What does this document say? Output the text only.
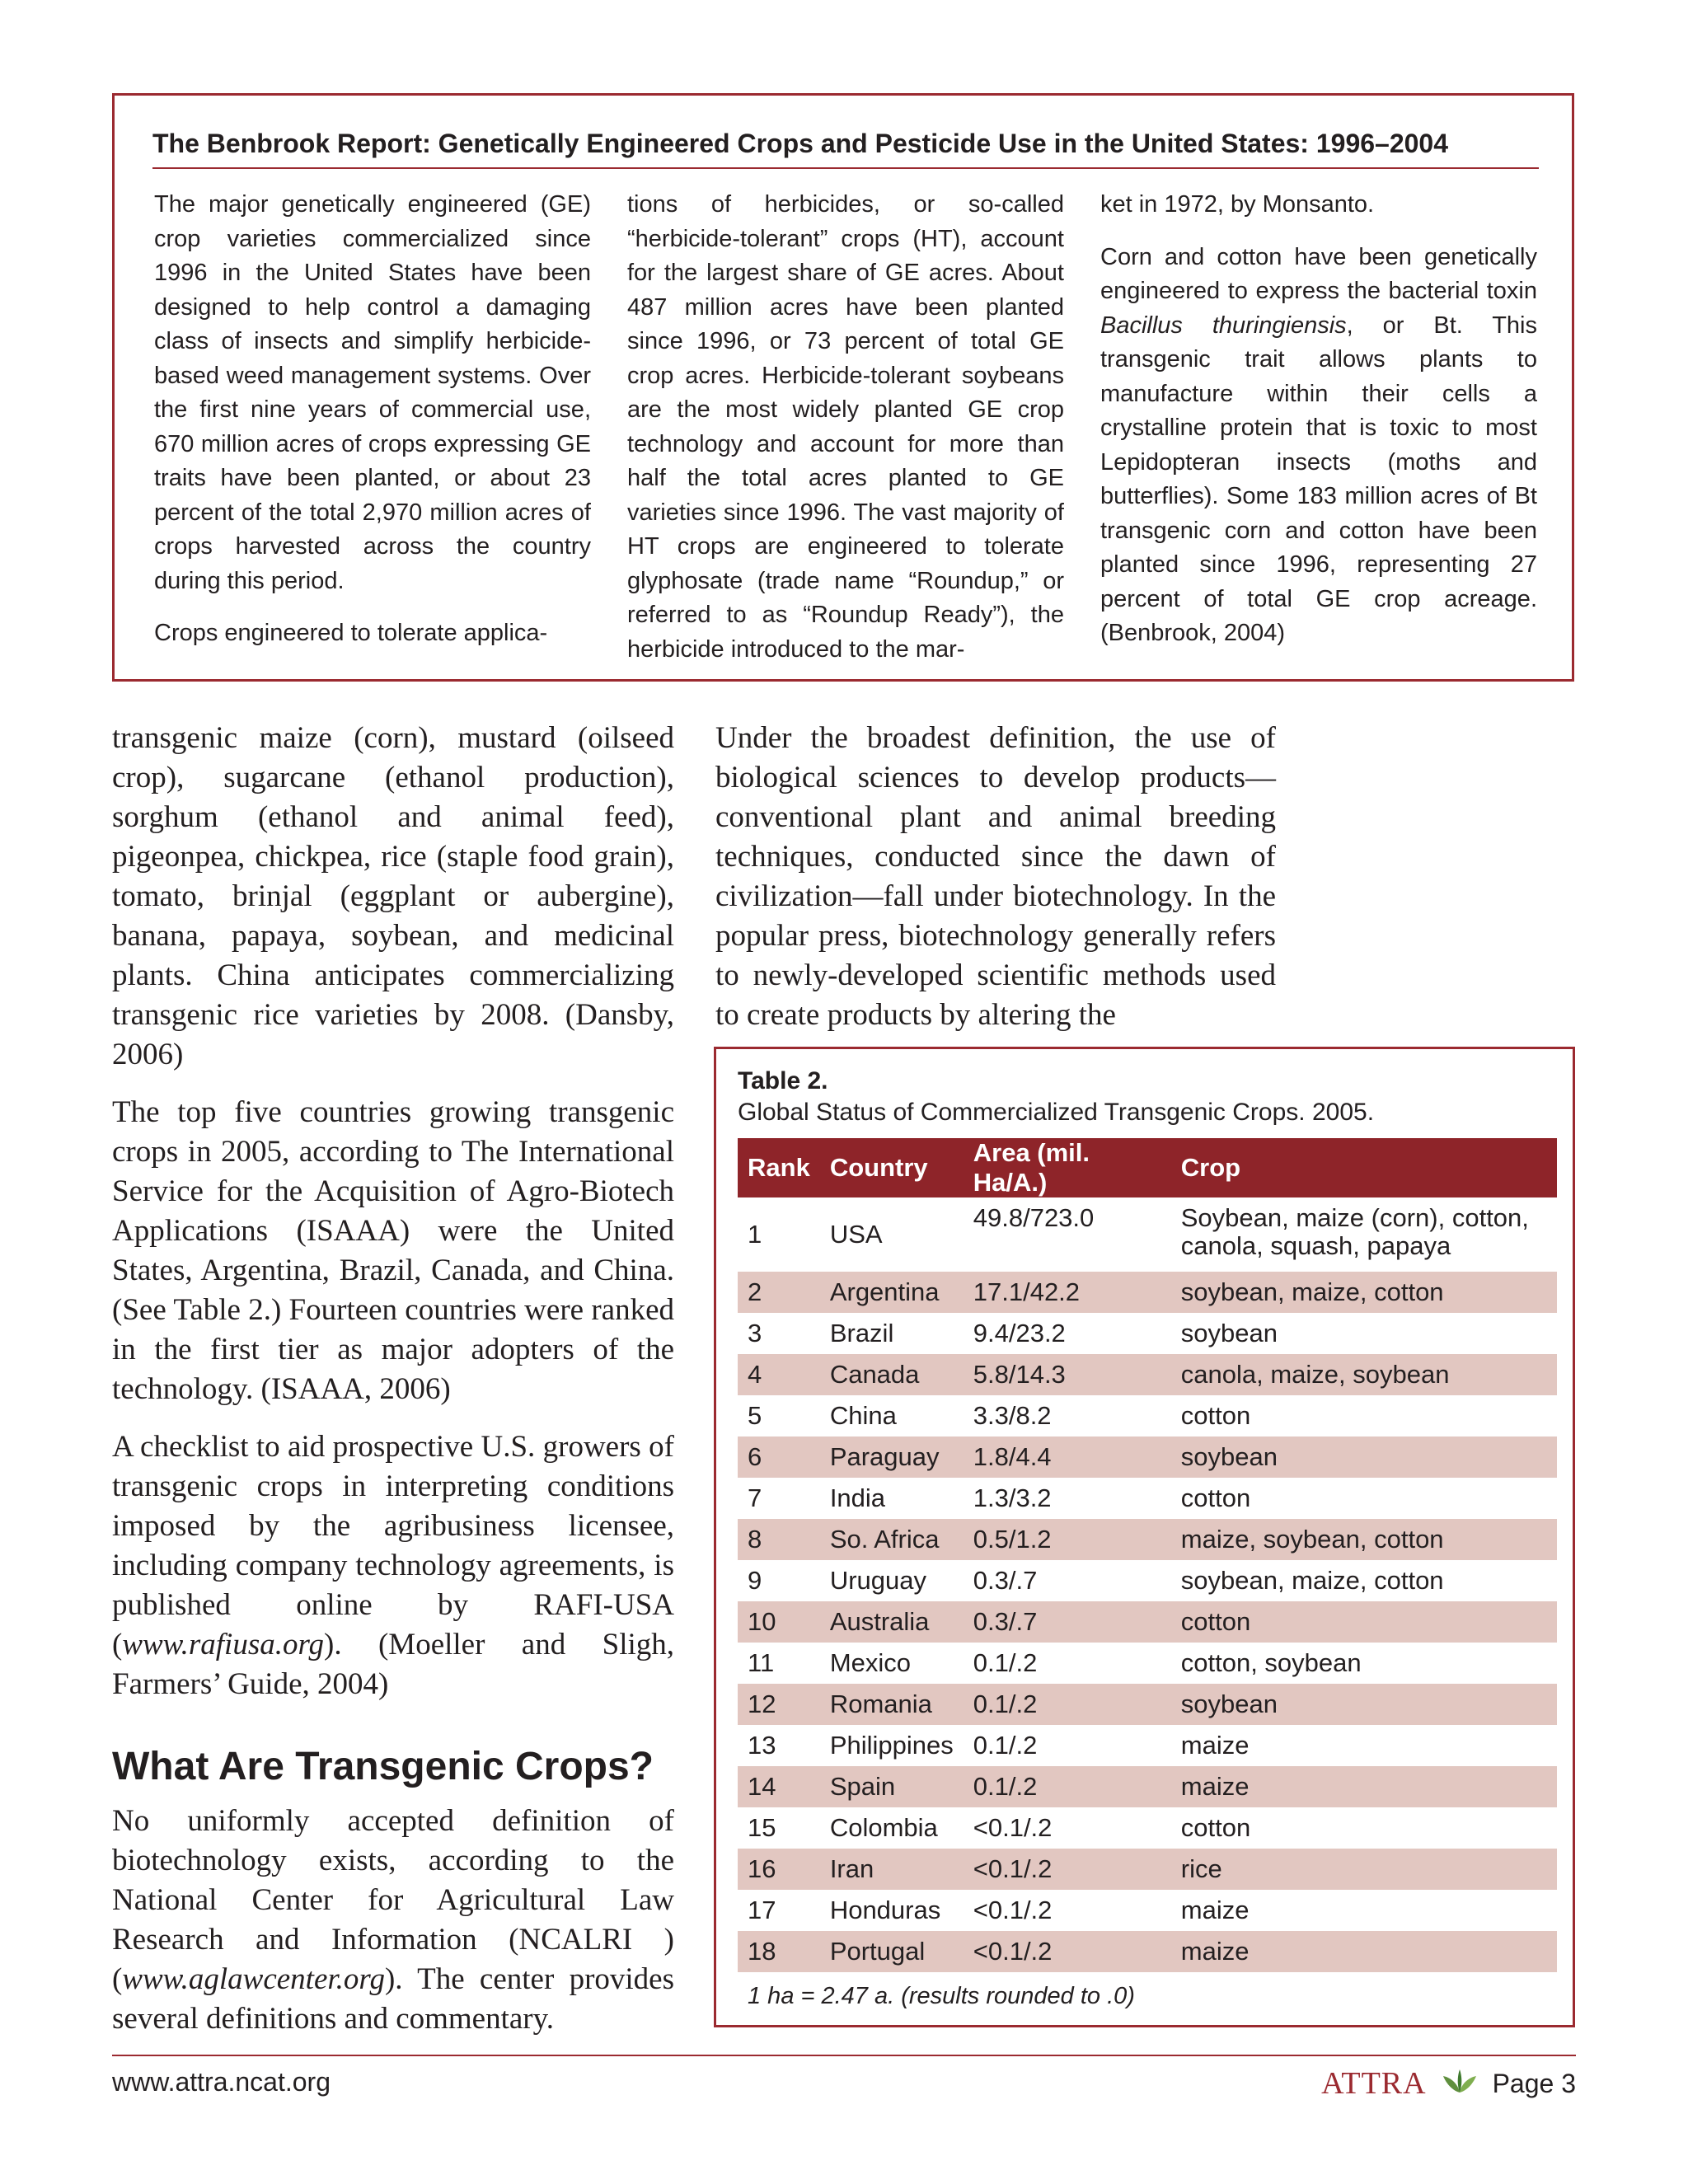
The Benbrook Report: Genetically Engineered Crops and Pesticide Use in the United States: 1996–2004

The major genetically engineered (GE) crop varieties commercialized since 1996 in the United States have been designed to help control a damaging class of insects and simplify herbicide-based weed management systems. Over the first nine years of commercial use, 670 million acres of crops expressing GE traits have been planted, or about 23 percent of the total 2,970 million acres of crops harvested across the country during this period.

Crops engineered to tolerate applica-

tions of herbicides, or so-called “herbicide-tolerant” crops (HT), account for the largest share of GE acres. About 487 million acres have been planted since 1996, or 73 percent of total GE crop acres. Herbicide-tolerant soybeans are the most widely planted GE crop technology and account for more than half the total acres planted to GE varieties since 1996. The vast majority of HT crops are engineered to tolerate glyphosate (trade name “Roundup,” or referred to as “Roundup Ready”), the herbicide introduced to the mar-

ket in 1972, by Monsanto.

Corn and cotton have been genetically engineered to express the bacterial toxin Bacillus thuringiensis, or Bt. This transgenic trait allows plants to manufacture within their cells a crystalline protein that is toxic to most Lepidopteran insects (moths and butterflies). Some 183 million acres of Bt transgenic corn and cotton have been planted since 1996, representing 27 percent of total GE crop acreage. (Benbrook, 2004)

transgenic maize (corn), mustard (oilseed crop), sugarcane (ethanol production), sorghum (ethanol and animal feed), pigeonpea, chickpea, rice (staple food grain), tomato, brinjal (eggplant or aubergine), banana, papaya, soybean, and medicinal plants. China anticipates commercializing transgenic rice varieties by 2008. (Dansby, 2006)

The top five countries growing transgenic crops in 2005, according to The International Service for the Acquisition of Agro-Biotech Applications (ISAAA) were the United States, Argentina, Brazil, Canada, and China. (See Table 2.) Fourteen countries were ranked in the first tier as major adopters of the technology. (ISAAA, 2006)

A checklist to aid prospective U.S. growers of transgenic crops in interpreting conditions imposed by the agribusiness licensee, including company technology agreements, is published online by RAFI-USA (www.rafiusa.org). (Moeller and Sligh, Farmers’ Guide, 2004)

What Are Transgenic Crops?

No uniformly accepted definition of biotechnology exists, according to the National Center for Agricultural Law Research and Information (NCALRI ) (www.aglawcenter.org). The center provides several definitions and commentary.

Under the broadest definition, the use of biological sciences to develop products—conventional plant and animal breeding techniques, conducted since the dawn of civilization—fall under biotechnology. In the popular press, biotechnology generally refers to newly-developed scientific methods used to create products by altering the

Table 2.
Global Status of Commercialized Transgenic Crops. 2005.
Rank	Country	Area (mil. Ha/A.)	Crop
1	USA	49.8/723.0	Soybean, maize (corn), cotton, canola, squash, papaya
2	Argentina	17.1/42.2	soybean, maize, cotton
3	Brazil	9.4/23.2	soybean
4	Canada	5.8/14.3	canola, maize, soybean
5	China	3.3/8.2	cotton
6	Paraguay	1.8/4.4	soybean
7	India	1.3/3.2	cotton
8	So. Africa	0.5/1.2	maize, soybean, cotton
9	Uruguay	0.3/.7	soybean, maize, cotton
10	Australia	0.3/.7	cotton
11	Mexico	0.1/.2	cotton, soybean
12	Romania	0.1/.2	soybean
13	Philippines	0.1/.2	maize
14	Spain	0.1/.2	maize
15	Colombia	<0.1/.2	cotton
16	Iran	<0.1/.2	rice
17	Honduras	<0.1/.2	maize
18	Portugal	<0.1/.2	maize
1 ha = 2.47 a. (results rounded to .0)
www.attra.ncat.org	ATTRA	Page 3
